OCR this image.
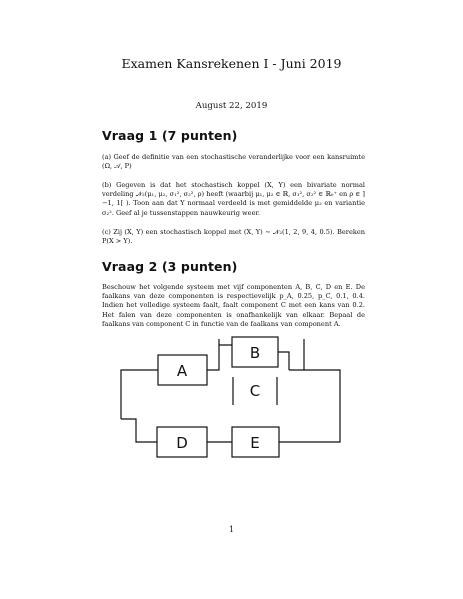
Examen Kansrekenen I - Juni 2019
August 22, 2019
Vraag 1 (7 punten)
(a) Geef de definitie van een stochastische veranderlijke voor een kansruimte (Ω, 𝒜, P)
(b) Gegeven is dat het stochastisch koppel (X, Y) een bivariate normal verdeling 𝒩₂(μ₁, μ₂, σ₁², σ₂², ρ) heeft (waarbij μ₁, μ₂ ∈ ℝ, σ₁², σ₂² ∈ ℝ₀⁺ en ρ ∈ ]−1, 1[ ). Toon aan dat Y normaal verdeeld is met gemiddelde μ₂ en variantie σ₂². Geef al je tussenstappen nauwkeurig weer.
(c) Zij (X, Y) een stochastisch koppel met (X, Y) ∼ 𝒩₂(1, 2, 9, 4, 0.5). Bereken P(X > Y).
Vraag 2 (3 punten)
Beschouw het volgende systeem met vijf componenten A, B, C, D en E. De faalkans van deze componenten is respectievelijk p_A, 0.25, p_C, 0.1, 0.4. Indien het volledige systeem faalt, faalt component C met een kans van 0.2. Het falen van deze componenten is onafhankelijk van elkaar. Bepaal de faalkans van component C in functie van de faalkans van component A.
A
B
C
D	E
1
